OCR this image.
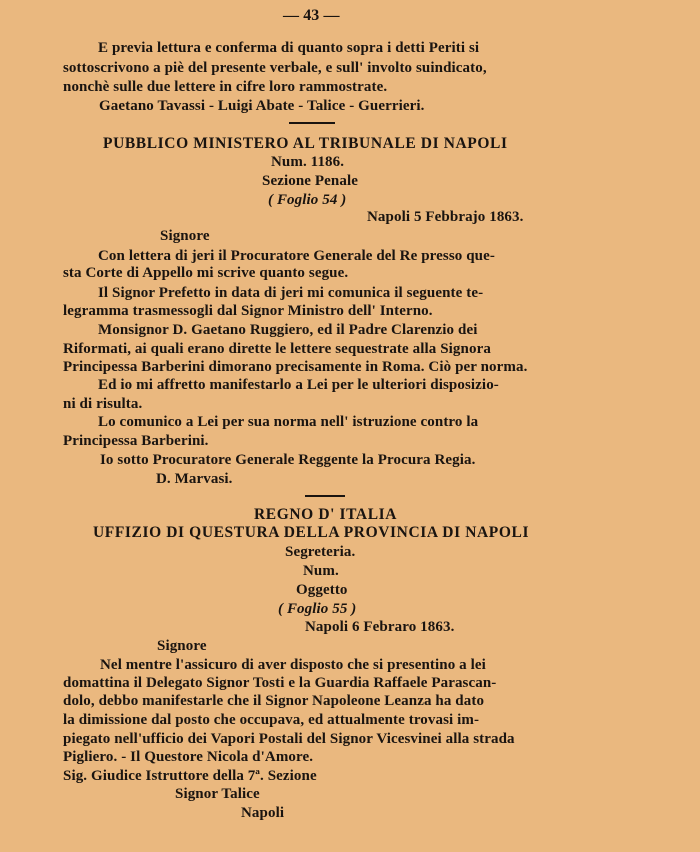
— 43 —
E previa lettura e conferma di quanto sopra i detti Periti si
sottoscrivono a piè del presente verbale, e sull' involto suindicato,
nonchè sulle due lettere in cifre loro rammostrate.
Gaetano Tavassi - Luigi Abate - Talice - Guerrieri.
PUBBLICO MINISTERO AL TRIBUNALE DI NAPOLI
Num. 1186.
Sezione Penale
( Foglio 54 )
Napoli 5 Febbrajo 1863.
Signore
Con lettera di jeri il Procuratore Generale del Re presso que-
sta Corte di Appello mi scrive quanto segue.
Il Signor Prefetto in data di jeri mi comunica il seguente te-
legramma trasmessogli dal Signor Ministro dell' Interno.
Monsignor D. Gaetano Ruggiero, ed il Padre Clarenzio dei
Riformati, ai quali erano dirette le lettere sequestrate alla Signora
Principessa Barberini dimorano precisamente in Roma. Ciò per norma.
Ed io mi affretto manifestarlo a Lei per le ulteriori disposizio-
ni di risulta.
Lo comunico a Lei per sua norma nell' istruzione contro la
Principessa Barberini.
Io sotto Procuratore Generale Reggente la Procura Regia.
D. Marvasi.
REGNO D' ITALIA
UFFIZIO DI QUESTURA DELLA PROVINCIA DI NAPOLI
Segreteria.
Num.
Oggetto
( Foglio 55 )
Napoli 6 Febraro 1863.
Signore
Nel mentre l'assicuro di aver disposto che si presentino a lei
domattina il Delegato Signor Tosti e la Guardia Raffaele Parascan-
dolo, debbo manifestarle che il Signor Napoleone Leanza ha dato
la dimissione dal posto che occupava, ed attualmente trovasi im-
piegato nell'ufficio dei Vapori Postali del Signor Vicesvinei alla strada
Pigliero. - Il Questore Nicola d'Amore.
Sig. Giudice Istruttore della 7ª. Sezione
Signor Talice
Napoli
